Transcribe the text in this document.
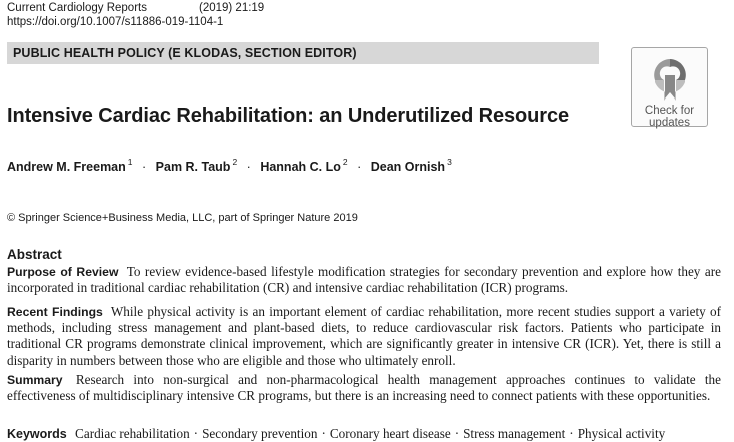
Current Cardiology Reports	(2019) 21:19
https://doi.org/10.1007/s11886-019-1104-1
PUBLIC HEALTH POLICY (E KLODAS, SECTION EDITOR)
Check for
updates
Intensive Cardiac Rehabilitation: an Underutilized Resource
Andrew M. Freeman $^1$ · Pam R. Taub $^2$ · Hannah C. Lo $^2$ · Dean Ornish $^3$
© Springer Science+Business Media, LLC, part of Springer Nature 2019
Abstract

Purpose of Review To review evidence-based lifestyle modification strategies for secondary prevention and explore how they are incorporated in traditional cardiac rehabilitation (CR) and intensive cardiac rehabilitation (ICR) programs.

Recent Findings While physical activity is an important element of cardiac rehabilitation, more recent studies support a variety of methods, including stress management and plant-based diets, to reduce cardiovascular risk factors. Patients who participate in traditional CR programs demonstrate clinical improvement, which are significantly greater in intensive CR (ICR). Yet, there is still a disparity in numbers between those who are eligible and those who ultimately enroll.

Summary Research into non-surgical and non-pharmacological health management approaches continues to validate the effectiveness of multidisciplinary intensive CR programs, but there is an increasing need to connect patients with these opportunities.

Keywords Cardiac rehabilitation · Secondary prevention · Coronary heart disease · Stress management · Physical activity
